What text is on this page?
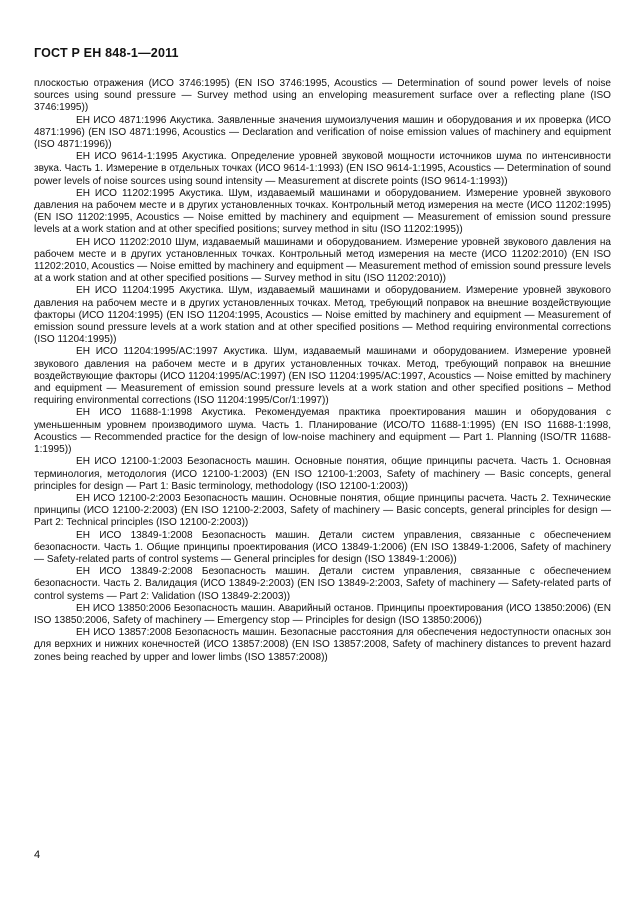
ГОСТ Р ЕН 848-1—2011

плоскостью отражения (ИСО 3746:1995) (EN ISO 3746:1995, Acoustics — Determination of sound power levels of noise sources using sound pressure — Survey method using an enveloping measurement surface over a reflecting plane (ISO 3746:1995))

ЕН ИСО 4871:1996 Акустика. Заявленные значения шумоизлучения машин и оборудования и их проверка (ИСО 4871:1996) (EN ISO 4871:1996, Acoustics — Declaration and verification of noise emission values of machinery and equipment (ISO 4871:1996))

ЕН ИСО 9614-1:1995 Акустика. Определение уровней звуковой мощности источников шума по интенсивности звука. Часть 1. Измерение в отдельных точках (ИСО 9614-1:1993) (EN ISO 9614-1:1995, Acoustics — Determination of sound power levels of noise sources using sound intensity — Measurement at discrete points (ISO 9614-1:1993))

ЕН ИСО 11202:1995 Акустика. Шум, издаваемый машинами и оборудованием. Измерение уровней звукового давления на рабочем месте и в других установленных точках. Контрольный метод измерения на месте (ИСО 11202:1995) (EN ISO 11202:1995, Acoustics — Noise emitted by machinery and equipment — Measurement of emission sound pressure levels at a work station and at other specified positions; survey method in situ (ISO 11202:1995))

ЕН ИСО 11202:2010 Шум, издаваемый машинами и оборудованием. Измерение уровней звукового давления на рабочем месте и в других установленных точках. Контрольный метод измерения на месте (ИСО 11202:2010) (EN ISO 11202:2010, Acoustics — Noise emitted by machinery and equipment — Measurement method of emission sound pressure levels at a work station and at other specified positions — Survey method in situ (ISO 11202:2010))

ЕН ИСО 11204:1995 Акустика. Шум, издаваемый машинами и оборудованием. Измерение уровней звукового давления на рабочем месте и в других установленных точках. Метод, требующий поправок на внешние воздействующие факторы (ИСО 11204:1995) (EN ISO 11204:1995, Acoustics — Noise emitted by machinery and equipment — Measurement of emission sound pressure levels at a work station and at other specified positions — Method requiring environmental corrections (ISO 11204:1995))

ЕН ИСО 11204:1995/AC:1997 Акустика. Шум, издаваемый машинами и оборудованием. Измерение уровней звукового давления на рабочем месте и в других установленных точках. Метод, требующий поправок на внешние воздействующие факторы (ИСО 11204:1995/AC:1997) (EN ISO 11204:1995/AC:1997, Acoustics — Noise emitted by machinery and equipment — Measurement of emission sound pressure levels at a work station and other specified positions – Method requiring environmental corrections (ISO 11204:1995/Cor/1:1997))

ЕН ИСО 11688-1:1998 Акустика. Рекомендуемая практика проектирования машин и оборудования с уменьшенным уровнем производимого шума. Часть 1. Планирование (ИСО/TO 11688-1:1995) (EN ISO 11688-1:1998, Acoustics — Recommended practice for the design of low-noise machinery and equipment — Part 1. Planning (ISO/TR 11688-1:1995))

ЕН ИСО 12100-1:2003 Безопасность машин. Основные понятия, общие принципы расчета. Часть 1. Основная терминология, методология (ИСО 12100-1:2003) (EN ISO 12100-1:2003, Safety of machinery — Basic concepts, general principles for design — Part 1: Basic terminology, methodology (ISO 12100-1:2003))

ЕН ИСО 12100-2:2003 Безопасность машин. Основные понятия, общие принципы расчета. Часть 2. Технические принципы (ИСО 12100-2:2003) (EN ISO 12100-2:2003, Safety of machinery — Basic concepts, general principles for design — Part 2: Technical principles (ISO 12100-2:2003))

ЕН ИСО 13849-1:2008 Безопасность машин. Детали систем управления, связанные с обеспечением безопасности. Часть 1. Общие принципы проектирования (ИСО 13849-1:2006) (EN ISO 13849-1:2006, Safety of machinery — Safety-related parts of control systems — General principles for design (ISO 13849-1:2006))

ЕН ИСО 13849-2:2008 Безопасность машин. Детали систем управления, связанные с обеспечением безопасности. Часть 2. Валидация (ИСО 13849-2:2003) (EN ISO 13849-2:2003, Safety of machinery — Safety-related parts of control systems — Part 2: Validation (ISO 13849-2:2003))

ЕН ИСО 13850:2006 Безопасность машин. Аварийный останов. Принципы проектирования (ИСО 13850:2006) (EN ISO 13850:2006, Safety of machinery — Emergency stop — Principles for design (ISO 13850:2006))

ЕН ИСО 13857:2008 Безопасность машин. Безопасные расстояния для обеспечения недоступности опасных зон для верхних и нижних конечностей (ИСО 13857:2008) (EN ISO 13857:2008, Safety of machinery distances to prevent hazard zones being reached by upper and lower limbs (ISO 13857:2008))

4
